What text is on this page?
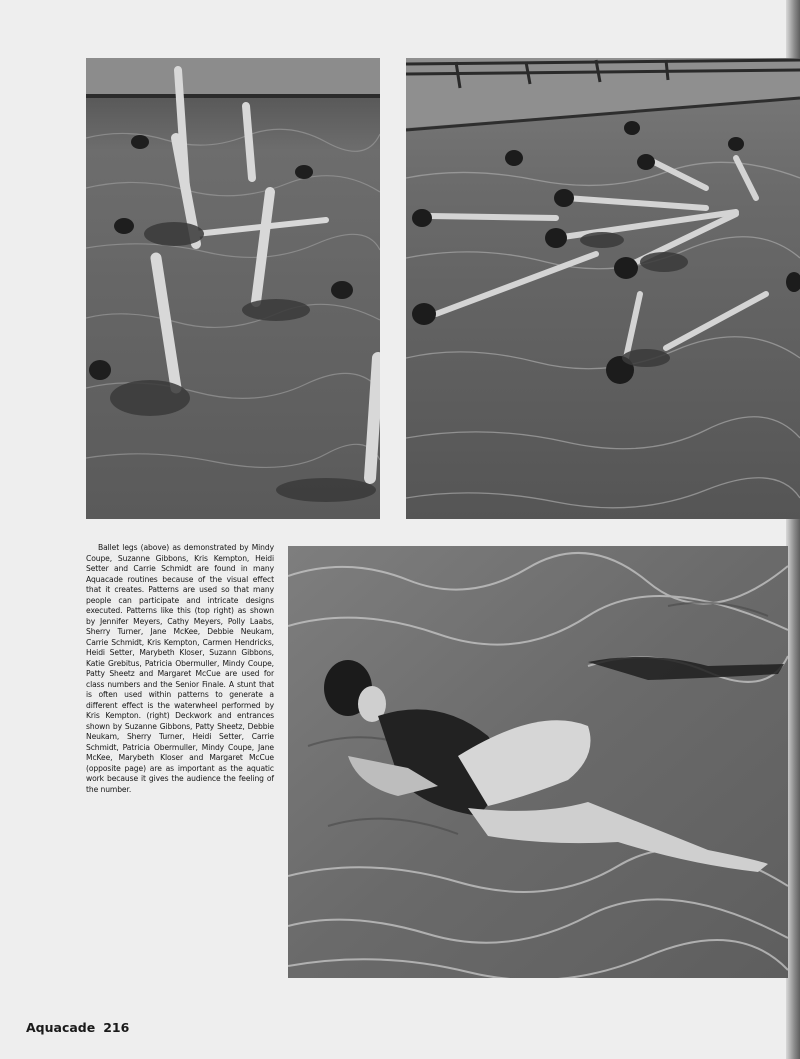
Ballet legs (above) as demonstrated by Mindy Coupe, Suzanne Gibbons, Kris Kempton, Heidi Setter and Carrie Schmidt are found in many Aquacade routines because of the visual effect that it creates. Patterns are used so that many people can participate and intricate designs executed. Patterns like this (top right) as shown by Jennifer Meyers, Cathy Meyers, Polly Laabs, Sherry Turner, Jane McKee, Debbie Neukam, Carrie Schmidt, Kris Kempton, Carmen Hendricks, Heidi Setter, Marybeth Kloser, Suzann Gibbons, Katie Grebitus, Patricia Obermuller, Mindy Coupe, Patty Sheetz and Margaret McCue are used for class numbers and the Senior Finale. A stunt that is often used within patterns to generate a different effect is the waterwheel performed by Kris Kempton. (right) Deckwork and entrances shown by Suzanne Gibbons, Patty Sheetz, Debbie Neukam, Sherry Turner, Heidi Setter, Carrie Schmidt, Patricia Obermuller, Mindy Coupe, Jane McKee, Marybeth Kloser and Margaret McCue (opposite page) are as important as the aquatic work because it gives the audience the feeling of the number.

Aquacade 216
